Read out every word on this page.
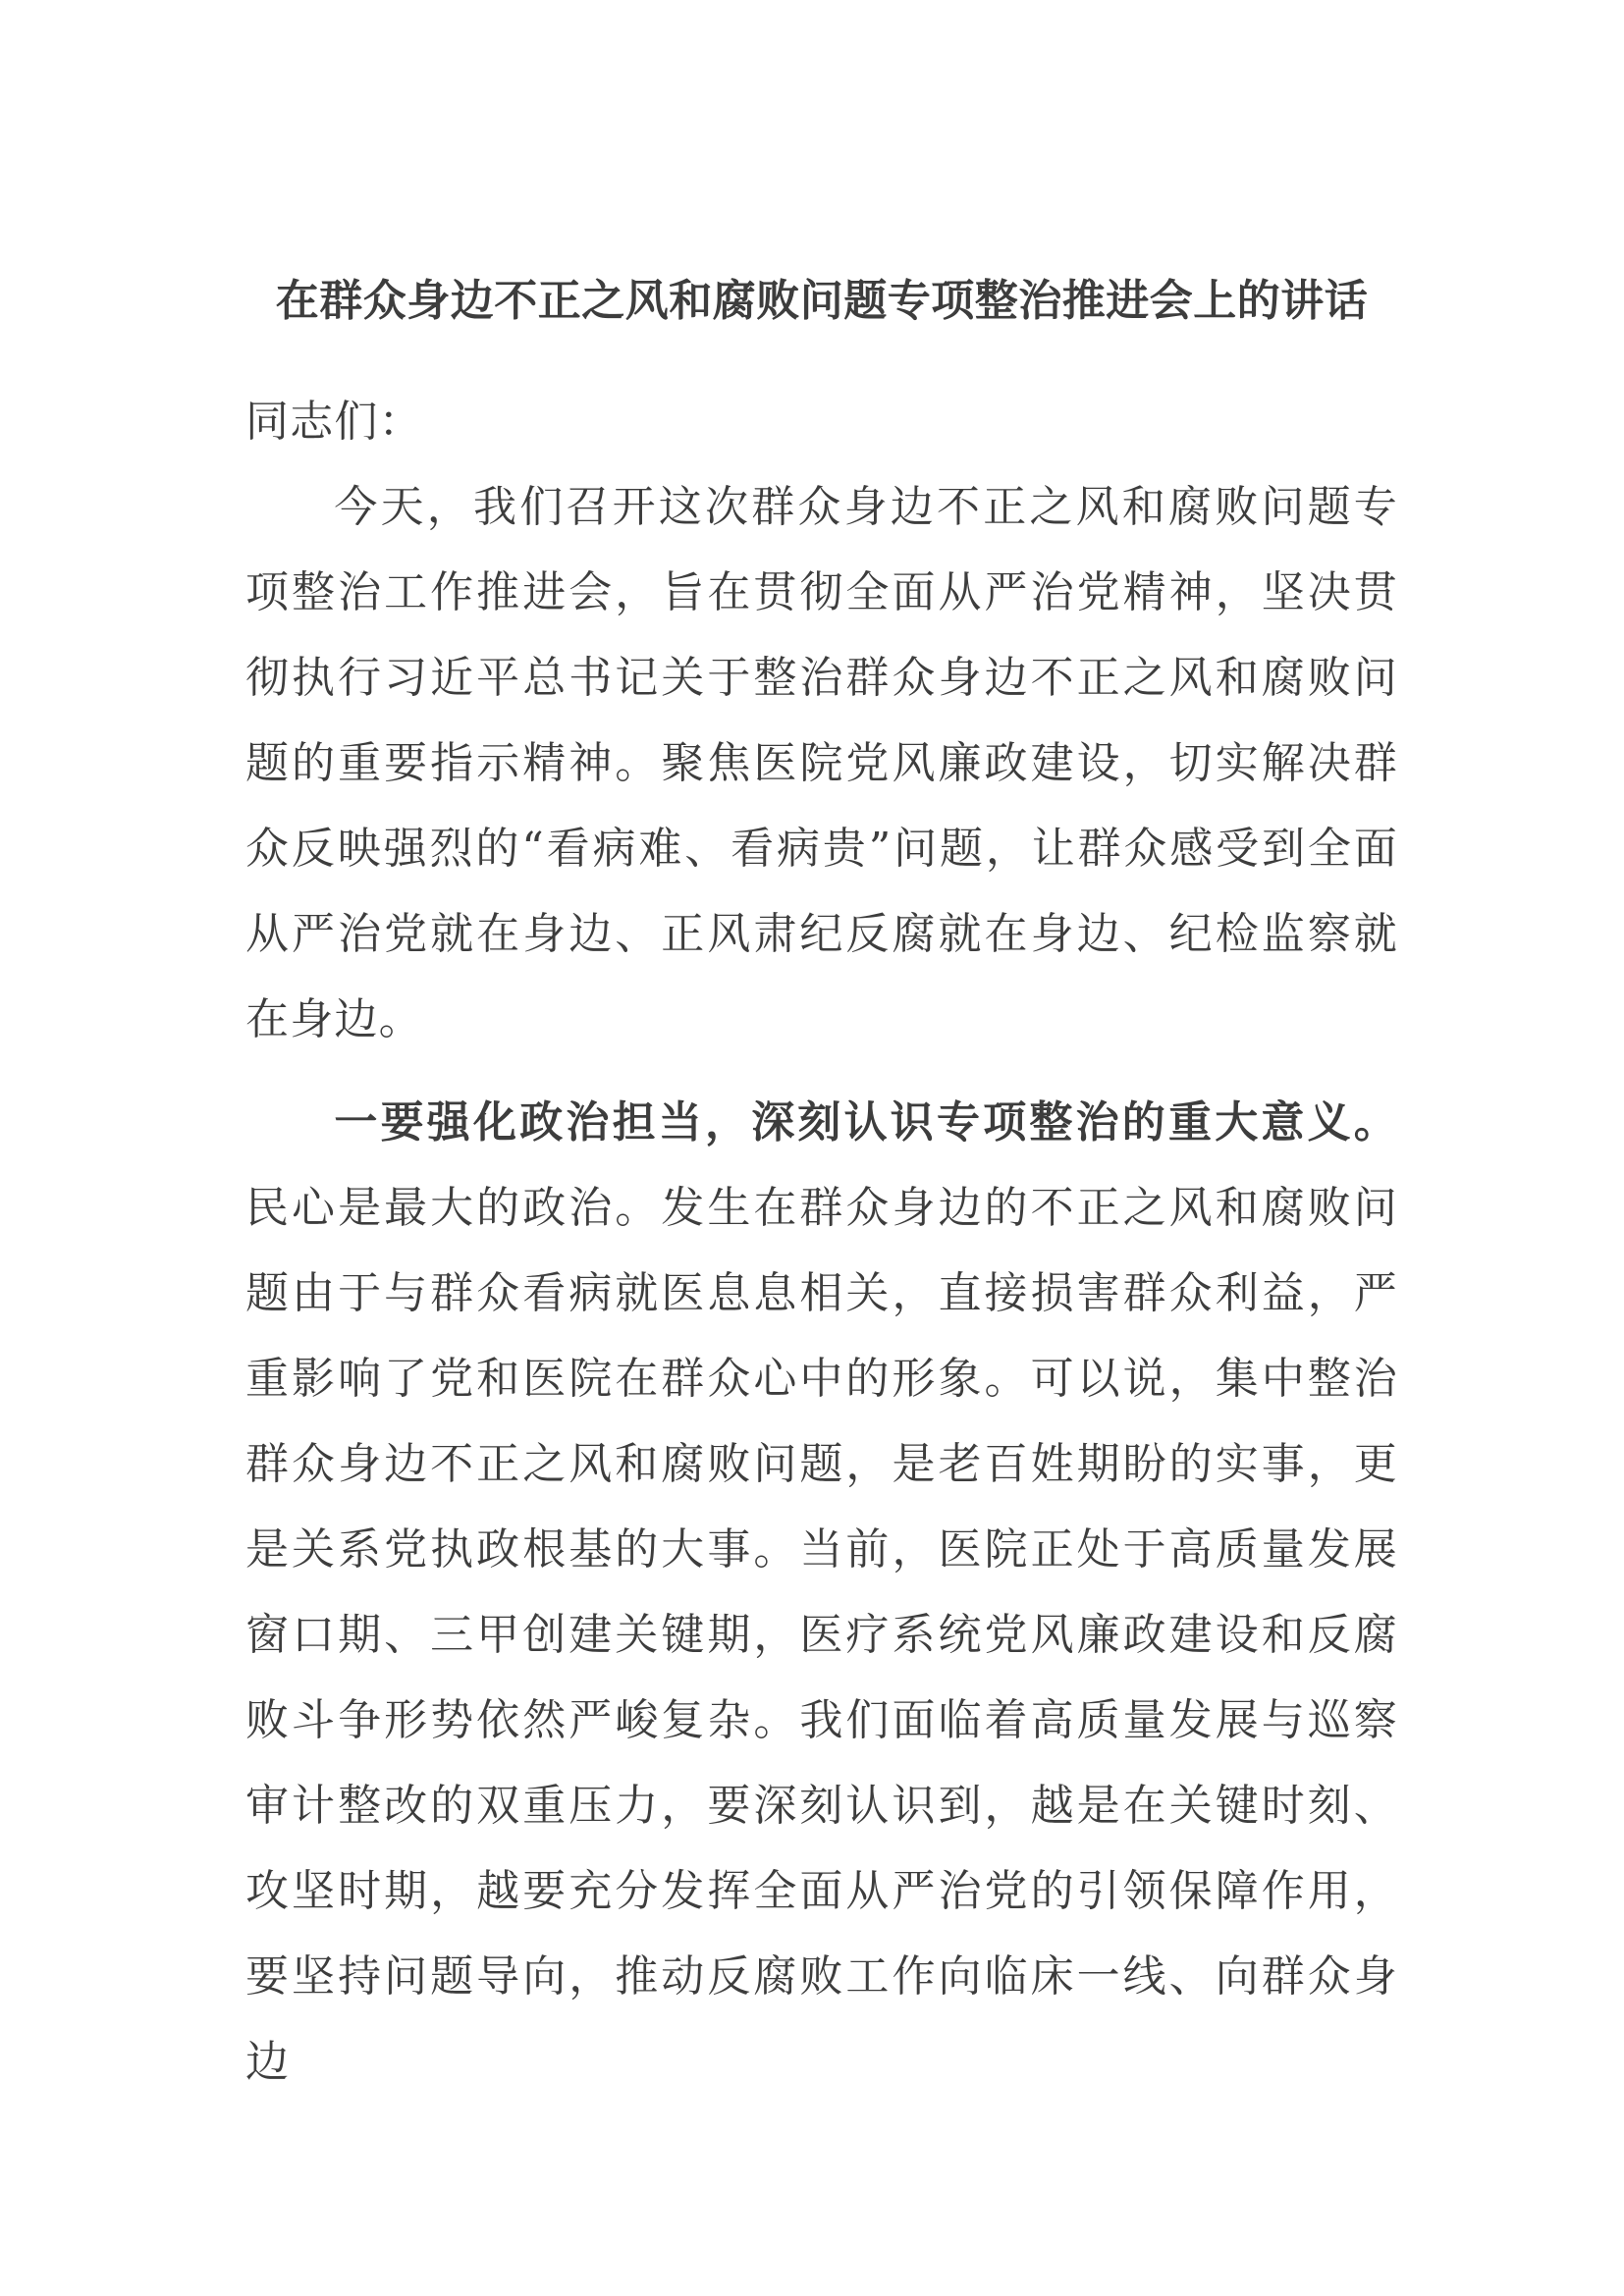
在群众身边不正之风和腐败问题专项整治推进会上的讲话

同志们：

今天，我们召开这次群众身边不正之风和腐败问题专项整治工作推进会，旨在贯彻全面从严治党精神，坚决贯彻执行习近平总书记关于整治群众身边不正之风和腐败问题的重要指示精神。聚焦医院党风廉政建设，切实解决群众反映强烈的“看病难、看病贵”问题，让群众感受到全面从严治党就在身边、正风肃纪反腐就在身边、纪检监察就在身边。

一要强化政治担当，深刻认识专项整治的重大意义。民心是最大的政治。发生在群众身边的不正之风和腐败问题由于与群众看病就医息息相关，直接损害群众利益，严重影响了党和医院在群众心中的形象。可以说，集中整治群众身边不正之风和腐败问题，是老百姓期盼的实事，更是关系党执政根基的大事。当前，医院正处于高质量发展窗口期、三甲创建关键期，医疗系统党风廉政建设和反腐败斗争形势依然严峻复杂。我们面临着高质量发展与巡察审计整改的双重压力，要深刻认识到，越是在关键时刻、攻坚时期，越要充分发挥全面从严治党的引领保障作用，要坚持问题导向，推动反腐败工作向临床一线、向群众身边
